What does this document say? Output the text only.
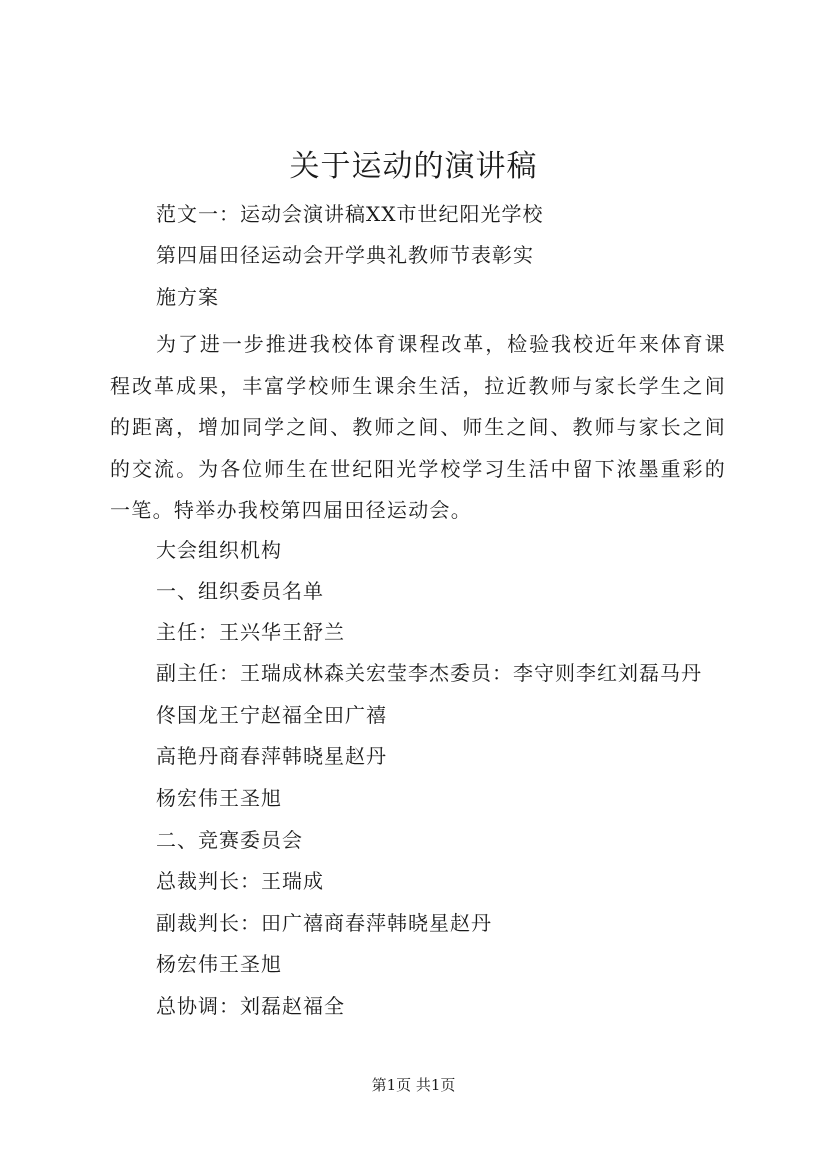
关于运动的演讲稿
范文一：运动会演讲稿XX市世纪阳光学校
第四届田径运动会开学典礼教师节表彰实
施方案
为了进一步推进我校体育课程改革，检验我校近年来体育课程改革成果，丰富学校师生课余生活，拉近教师与家长学生之间的距离，增加同学之间、教师之间、师生之间、教师与家长之间的交流。为各位师生在世纪阳光学校学习生活中留下浓墨重彩的一笔。特举办我校第四届田径运动会。
大会组织机构
一、组织委员名单
主任：王兴华王舒兰
副主任：王瑞成林森关宏莹李杰委员：李守则李红刘磊马丹
佟国龙王宁赵福全田广禧
高艳丹商春萍韩晓星赵丹
杨宏伟王圣旭
二、竞赛委员会
总裁判长：王瑞成
副裁判长：田广禧商春萍韩晓星赵丹
杨宏伟王圣旭
总协调：刘磊赵福全
第1页 共1页
